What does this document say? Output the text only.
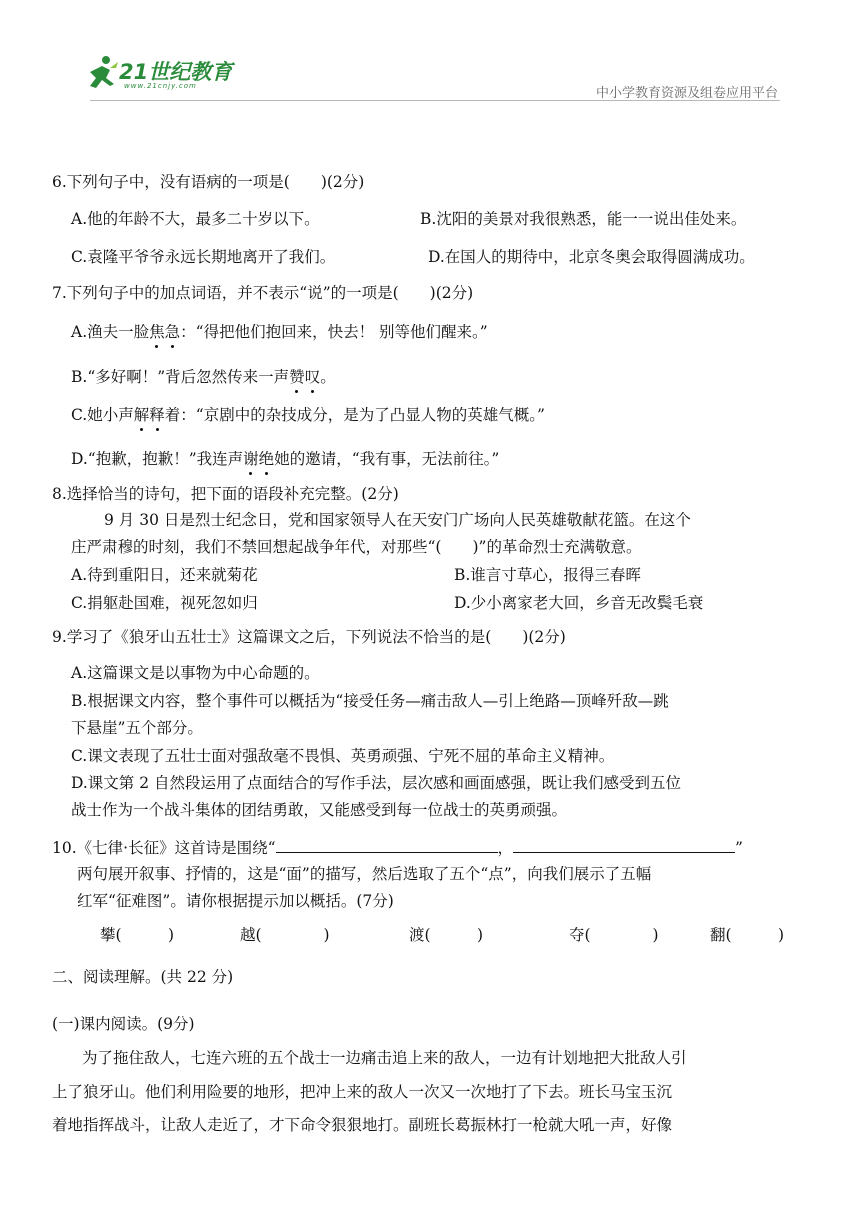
21世纪教育
www.21cnjy.com	中小学教育资源及组卷应用平台
6.下列句子中，没有语病的一项是(　　)(2分)
A.他的年龄不大，最多二十岁以下。	B.沈阳的美景对我很熟悉，能一一说出佳处来。
C.袁隆平爷爷永远长期地离开了我们。	D.在国人的期待中，北京冬奥会取得圆满成功。
7.下列句子中的加点词语，并不表示“说”的一项是(　　)(2分)
A.渔夫一脸焦急：“得把他们抱回来，快去！ 别等他们醒来。”
B.“多好啊！”背后忽然传来一声赞叹。
C.她小声解释着：“京剧中的杂技成分，是为了凸显人物的英雄气概。”
D.“抱歉，抱歉！”我连声谢绝她的邀请，“我有事，无法前往。”
8.选择恰当的诗句，把下面的语段补充完整。(2分)
9 月 30 日是烈士纪念日，党和国家领导人在天安门广场向人民英雄敬献花篮。在这个
庄严肃穆的时刻，我们不禁回想起战争年代，对那些“(　　)”的革命烈士充满敬意。
A.待到重阳日，还来就菊花	B.谁言寸草心，报得三春晖
C.捐躯赴国难，视死忽如归	D.少小离家老大回，乡音无改鬓毛衰
9.学习了《狼牙山五壮士》这篇课文之后，下列说法不恰当的是(　　)(2分)
A.这篇课文是以事物为中心命题的。
B.根据课文内容，整个事件可以概括为“接受任务—痛击敌人—引上绝路—顶峰歼敌—跳
下悬崖”五个部分。
C.课文表现了五壮士面对强敌毫不畏惧、英勇顽强、宁死不屈的革命主义精神。
D.课文第 2 自然段运用了点面结合的写作手法，层次感和画面感强，既让我们感受到五位
战士作为一个战斗集体的团结勇敢，又能感受到每一位战士的英勇顽强。
10.《七律·长征》这首诗是围绕“	，	”
两句展开叙事、抒情的，这是“面”的描写，然后选取了五个“点”，向我们展示了五幅
红军“征难图”。请你根据提示加以概括。(7分)
攀(　　　)	越(　　　　)	渡(　　　)	夺(　　　　)	翻(　　　)
二、阅读理解。(共 22 分)
(一)课内阅读。(9分)
为了拖住敌人，七连六班的五个战士一边痛击追上来的敌人，一边有计划地把大批敌人引
上了狼牙山。他们利用险要的地形，把冲上来的敌人一次又一次地打了下去。班长马宝玉沉
着地指挥战斗，让敌人走近了，才下命令狠狠地打。副班长葛振林打一枪就大吼一声，好像
